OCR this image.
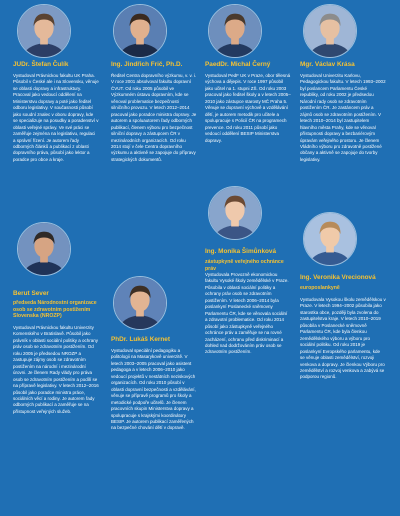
JUDr. Štefan Čulík
Vystudoval Právnickou fakultu UK Praha. Působil v České ale i na Slovensku, věnuje se oblasti dopravy a infrastruktury. Pracoval jako vedoucí oddělení na Ministerstvu dopravy a poté jako ředitel odboru legislativy. V současnosti působí jako soudní znalec v oboru dopravy, kde se specializuje na posudky a poradenství v oblasti veřejné správy. Ve své práci se zaměřuje zejména na legislativu, regulaci a správní řízení. Je autorem řady odborných článků a publikací z oblasti dopravního práva, působí jako lektor a poradce pro obce a kraje.
Berut Sever
předseda Národnostní organizace osob se zdravotním postižením Slovenska (NROZP)
Vystudoval Právnickou fakultu Univerzity Komenského v Bratislavě. Působil jako právník v oblasti sociální politiky a ochrany práv osob se zdravotním postižením. Od roku 2005 je předsedou NROZP a zastupuje zájmy osob se zdravotním postižením na národní i mezinárodní úrovni. Je členem Rady vlády pro práva osob se zdravotním postižením a podílí se na přípravě legislativy. V letech 2012–2016 působil jako poradce ministra práce, sociálních věcí a rodiny. Je autorem řady odborných publikací a zaměřuje se na přístupnost veřejných služeb.
Ing. Jindřich Frič, Ph.D.
Ředitel Centra dopravního výzkumu, v. v. i. V roce 2001 absolvoval fakultu dopravní ČVUT. Od roku 2005 působil ve Výzkumném ústavu dopravním, kde se věnoval problematice bezpečnosti silničního provozu. V letech 2012–2014 pracoval jako poradce ministra dopravy. Je autorem a spoluautorem řady odborných publikací, členem výboru pro bezpečnost silniční dopravy a zástupcem ČR v mezinárodních organizacích. Od roku 2014 stojí v čele Centra dopravního výzkumu a aktivně se zapojuje do přípravy strategických dokumentů.
PhDr. Lukáš Kernet
Vystudoval speciální pedagogiku a politologii na Masarykově univerzitě. V letech 2003–2005 pracoval jako asistent pedagoga a v letech 2006–2010 jako vedoucí projektů v nestátních neziskových organizacích. Od roku 2010 působí v oblasti dopravní bezpečnosti a vzdělávání, věnuje se přípravě programů pro školy a metodické podpoře učitelů. Je členem pracovních skupin Ministerstva dopravy a spolupracuje s krajskými koordinátory BESIP. Je autorem publikací zaměřených na bezpečné chování dětí v dopravě.
PaedDr. Michal Černý
Vystudoval PedF UK v Praze, obor tělesná výchova a dějepis. V roce 1997 působil jako učitel na 1. stupni ZŠ. Od roku 2003 pracoval jako ředitel školy a v letech 2005–2010 jako zástupce starosty MČ Praha 5. Věnuje se dopravní výchově a vzdělávání dětí, je autorem metodik pro učitele a spolupracuje s Policií ČR na programech prevence. Od roku 2011 působí jako vedoucí oddělení BESIP Ministerstva dopravy.
Ing. Monika Šimůnková
zástupkyně veřejného ochránce práv
Vystudovala Provozně ekonomickou fakultu Vysoké školy zemědělské v Praze. Působila v oblasti sociální politiky a ochrany práv osob se zdravotním postižením. V letech 2006–2014 byla poslankyní Poslanecké sněmovny Parlamentu ČR, kde se věnovala sociální a zdravotní problematice. Od roku 2014 působí jako zástupkyně veřejného ochránce práv a zaměřuje se na rovné zacházení, ochranu před diskriminací a dohled nad dodržováním práv osob se zdravotním postižením.
Mgr. Václav Krása
Vystudoval Univerzitu Karlovu, Pedagogickou fakultu. V letech 1993–2002 byl poslancem Parlamentu České republiky, od roku 2002 je předsedou Národní rady osob se zdravotním postižením ČR. Je zastáncem práv a zájmů osob se zdravotním postižením. V letech 2010–2014 byl zastupitelem hlavního města Prahy, kde se věnoval přístupnosti dopravy a bezbariérovým úpravám veřejného prostoru. Je členem Vládního výboru pro zdravotně postižené občany a aktivně se zapojuje do tvorby legislativy.
Ing. Veronika Vrecionová
europoslankyně
Vystudovala Vysokou školu zemědělskou v Praze. V letech 1994–2002 působila jako starostka obce, později byla zvolena do zastupitelstva kraje. V letech 2010–2019 působila v Poslanecké sněmovně Parlamentu ČR, kde byla členkou zemědělského výboru a výboru pro sociální politiku. Od roku 2019 je poslankyní Evropského parlamentu, kde se věnuje oblasti zemědělství, rozvoji venkova a dopravy. Je členkou Výboru pro zemědělství a rozvoj venkova a zabývá se podporou regionů.
